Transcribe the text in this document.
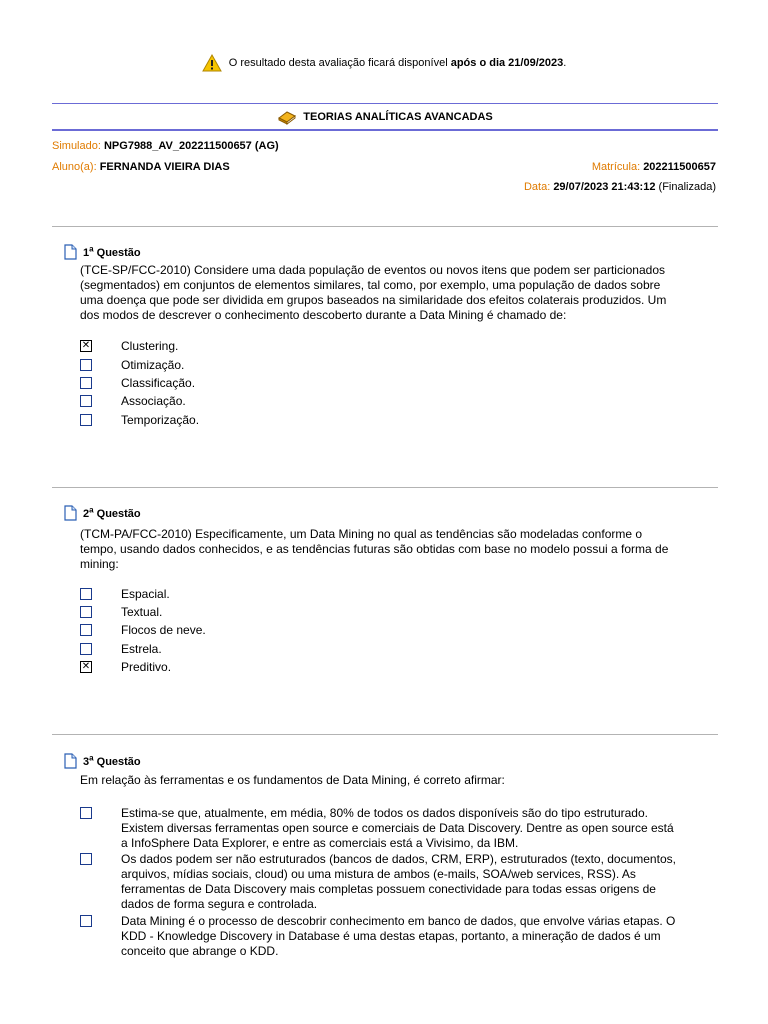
O resultado desta avaliação ficará disponível após o dia 21/09/2023.
TEORIAS ANALÍTICAS AVANCADAS
Simulado: NPG7988_AV_202211500657 (AG)
Aluno(a): FERNANDA VIEIRA DIAS	Matrícula: 202211500657
Data: 29/07/2023 21:43:12 (Finalizada)
1$^a$ Questão
(TCE-SP/FCC-2010) Considere uma dada população de eventos ou novos itens que podem ser particionados
(segmentados) em conjuntos de elementos similares, tal como, por exemplo, uma população de dados sobre
uma doença que pode ser dividida em grupos baseados na similaridade dos efeitos colaterais produzidos. Um
dos modos de descrever o conhecimento descoberto durante a Data Mining é chamado de:
✕	Clustering.
Otimização.
Classificação.
Associação.
Temporização.
2$^a$ Questão
(TCM-PA/FCC-2010) Especificamente, um Data Mining no qual as tendências são modeladas conforme o
tempo, usando dados conhecidos, e as tendências futuras são obtidas com base no modelo possui a forma de
mining:
Espacial.
Textual.
Flocos de neve.
Estrela.
✕	Preditivo.
3$^a$ Questão
Em relação às ferramentas e os fundamentos de Data Mining, é correto afirmar:
Estima-se que, atualmente, em média, 80% de todos os dados disponíveis são do tipo estruturado.
Existem diversas ferramentas open source e comerciais de Data Discovery. Dentre as open source está
a InfoSphere Data Explorer, e entre as comerciais está a Vivisimo, da IBM.
Os dados podem ser não estruturados (bancos de dados, CRM, ERP), estruturados (texto, documentos,
arquivos, mídias sociais, cloud) ou uma mistura de ambos (e-mails, SOA/web services, RSS). As
ferramentas de Data Discovery mais completas possuem conectividade para todas essas origens de
dados de forma segura e controlada.
Data Mining é o processo de descobrir conhecimento em banco de dados, que envolve várias etapas. O
KDD - Knowledge Discovery in Database é uma destas etapas, portanto, a mineração de dados é um
conceito que abrange o KDD.
